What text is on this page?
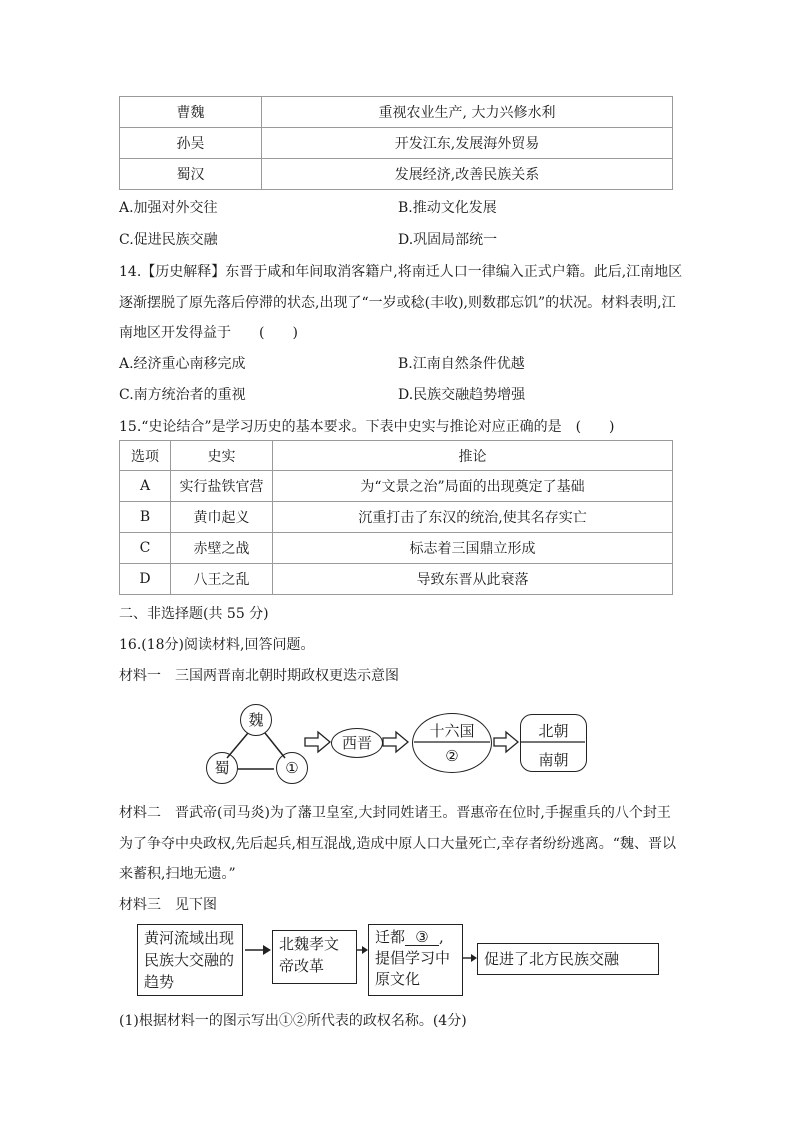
曹魏	重视农业生产, 大力兴修水利
孙吴	开发江东,发展海外贸易
蜀汉	发展经济,改善民族关系
A.加强对外交往	B.推动文化发展
C.促进民族交融	D.巩固局部统一
14.【历史解释】东晋于咸和年间取消客籍户,将南迁人口一律编入正式户籍。此后,江南地区
逐渐摆脱了原先落后停滞的状态,出现了“一岁或稔(丰收),则数郡忘饥”的状况。材料表明,江
南地区开发得益于　　(　　)
A.经济重心南移完成	B.江南自然条件优越
C.南方统治者的重视	D.民族交融趋势增强
15.“史论结合”是学习历史的基本要求。下表中史实与推论对应正确的是　(　　)
选项	史实	推论
A	实行盐铁官营	为“文景之治”局面的出现奠定了基础
B	黄巾起义	沉重打击了东汉的统治,使其名存实亡
C	赤壁之战	标志着三国鼎立形成
D	八王之乱	导致东晋从此衰落
二、非选择题(共 55 分)
16.(18分)阅读材料,回答问题。
材料一　三国两晋南北朝时期政权更迭示意图
魏
蜀	①
西晋
十六国
②
北朝
南朝
材料二　晋武帝(司马炎)为了藩卫皇室,大封同姓诸王。晋惠帝在位时,手握重兵的八个封王
为了争夺中央政权,先后起兵,相互混战,造成中原人口大量死亡,幸存者纷纷逃离。“魏、晋以
来蓄积,扫地无遗。”
材料三　见下图
黄河流域出现民族大交融的趋势
北魏孝文帝改革
迁都 ③ ,提倡学习中原文化
促进了北方民族交融
(1)根据材料一的图示写出①②所代表的政权名称。(4分)
